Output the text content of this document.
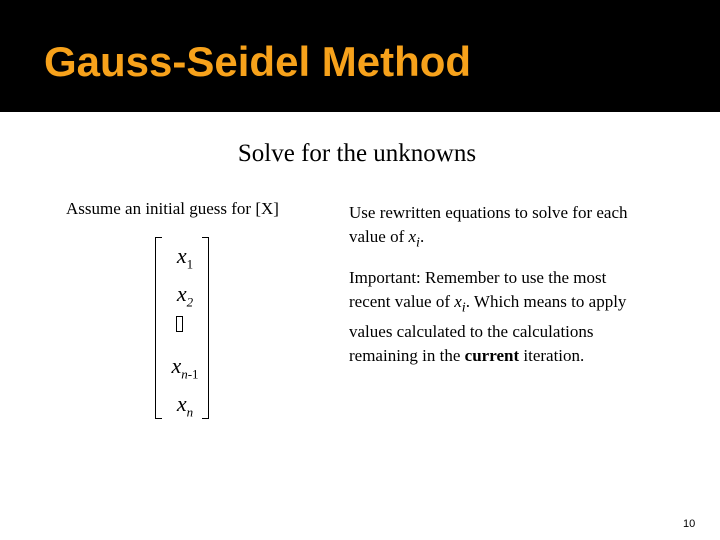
Gauss-Seidel Method
Solve for the unknowns
Assume an initial guess for [X]
$x_1$
$x_2$
$x_{n-1}$
$x_n$

Use rewritten equations to solve for each value of $x_i$.

Important: Remember to use the most recent value of $x_i$. Which means to apply values calculated to the calculations remaining in the current iteration.

10
